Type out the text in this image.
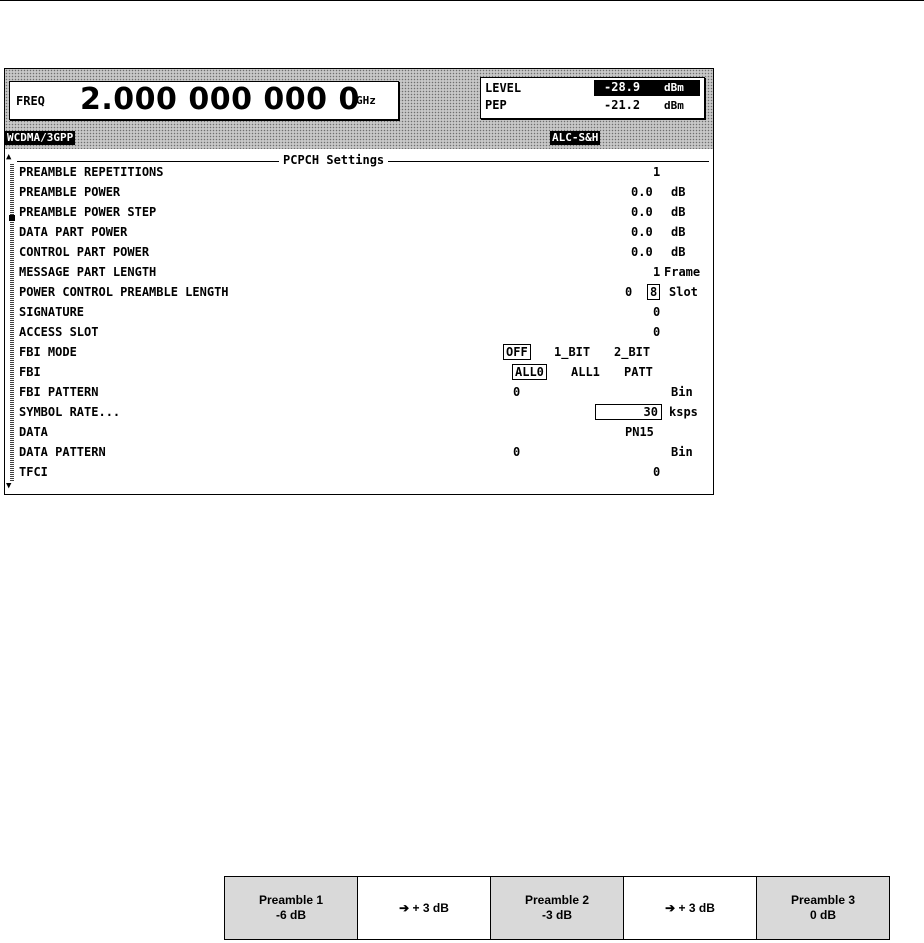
FREQ 2.000 000 000 0
GHz
LEVEL	-28.9 dBm
PEP	-21.2 dBm
WCDMA/3GPP	ALC-S&H
▲
▼
PCPCH Settings
PREAMBLE REPETITIONS	1
PREAMBLE POWER	0.0 dB
PREAMBLE POWER STEP	0.0 dB
DATA PART POWER	0.0 dB
CONTROL PART POWER	0.0 dB
MESSAGE PART LENGTH	1 Frame
POWER CONTROL PREAMBLE LENGTH	0 8 Slot
SIGNATURE	0
ACCESS SLOT	0
FBI MODE	OFF 1_BIT 2_BIT
FBI	ALL0 ALL1 PATT
FBI PATTERN	0	Bin
SYMBOL RATE...	30 ksps
DATA	PN15
DATA PATTERN	0	Bin
TFCI	0
Preamble 1
-6 dB
➔ + 3 dB
Preamble 2
-3 dB
➔ + 3 dB
Preamble 3
0 dB
